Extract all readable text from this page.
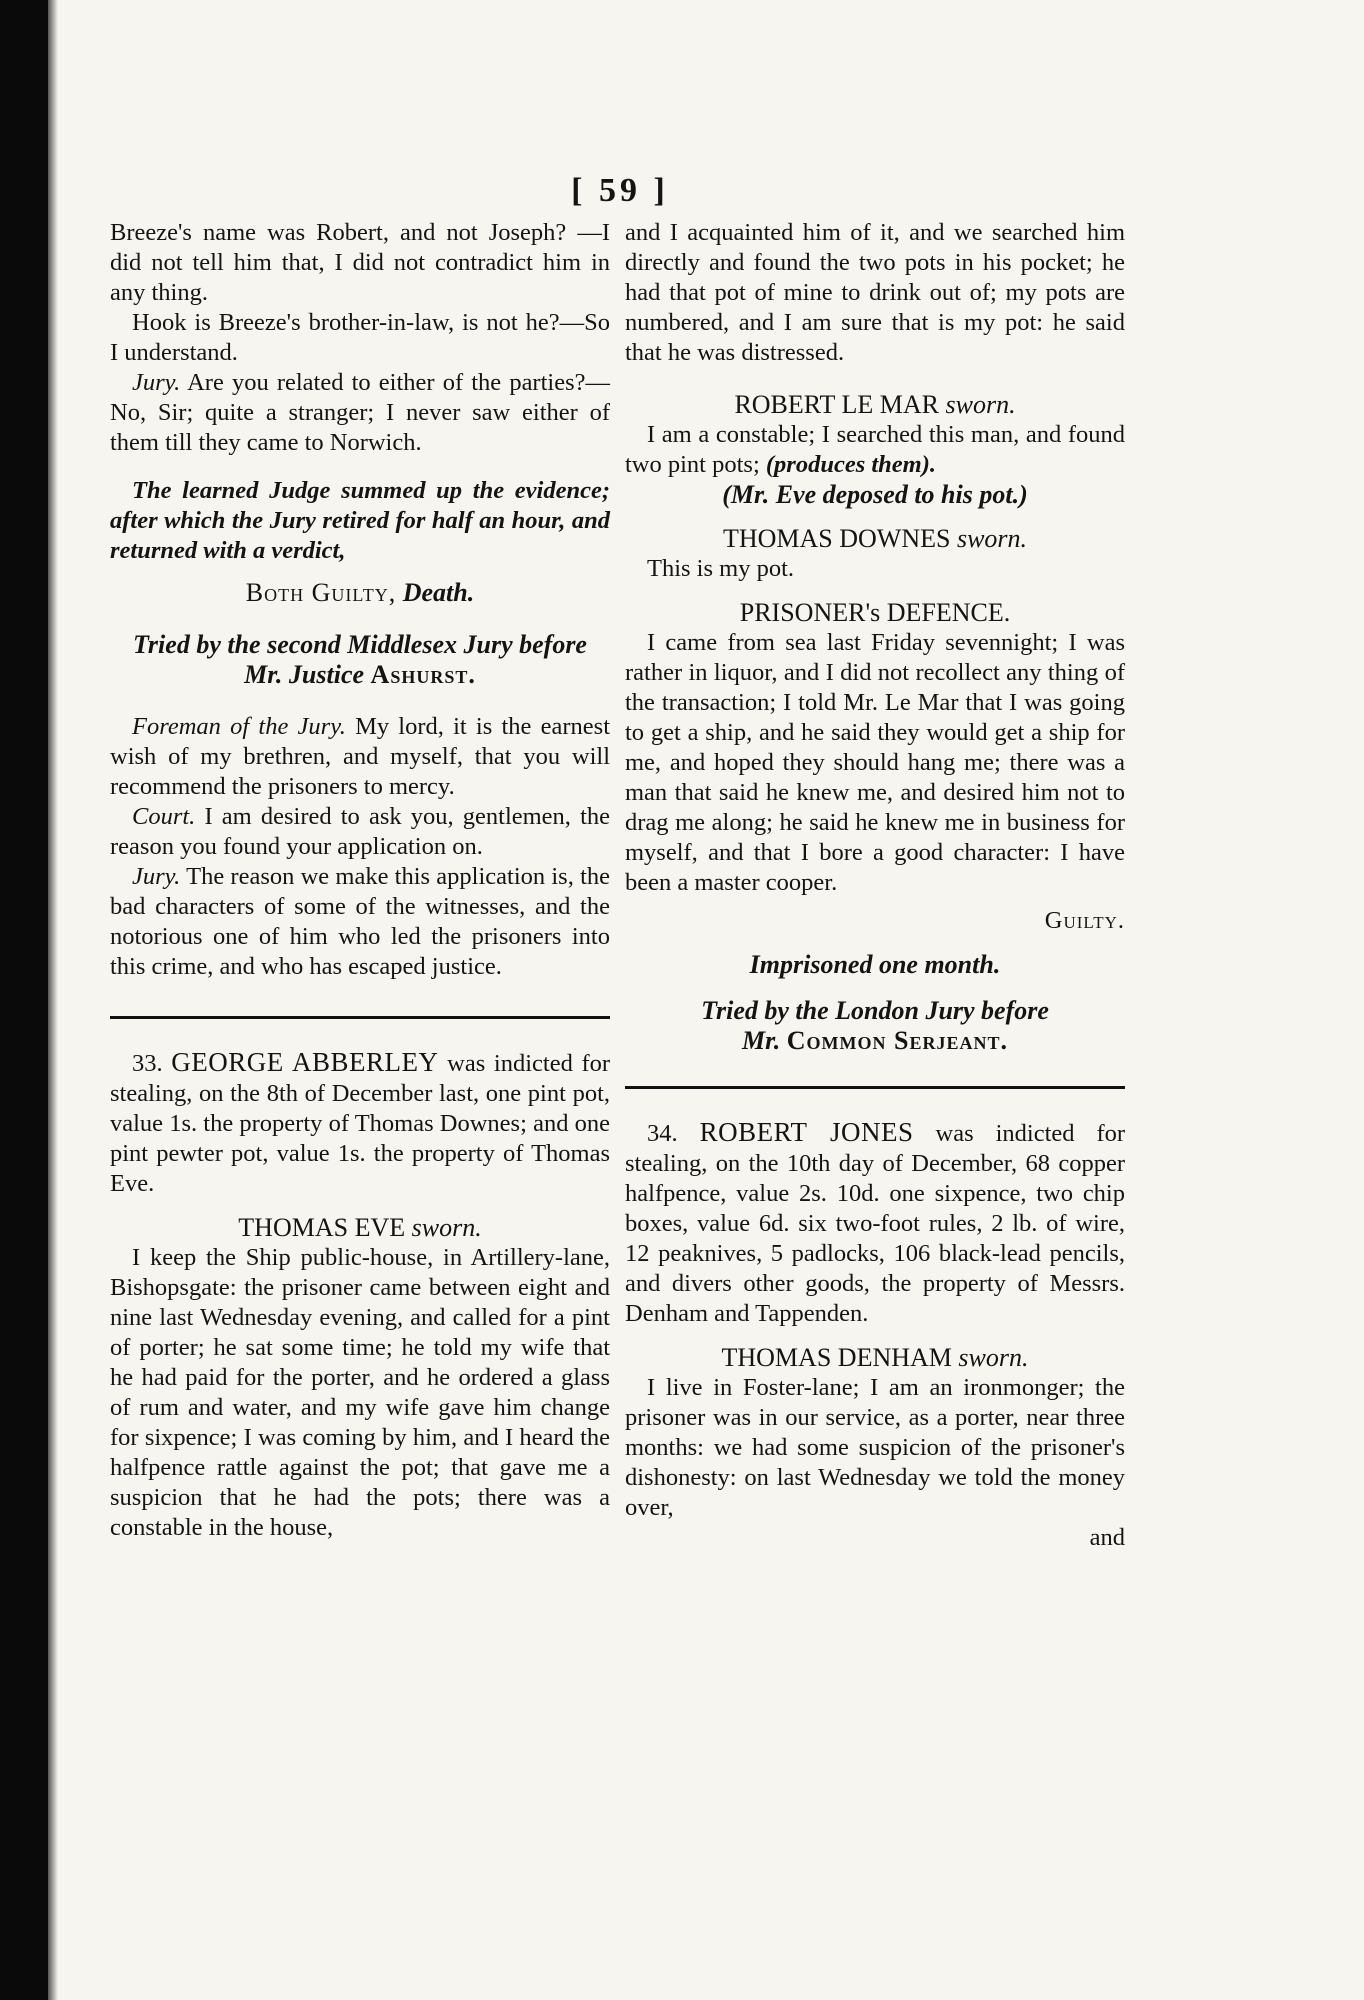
[ 59 ]

Breeze's name was Robert, and not Joseph? —I did not tell him that, I did not contradict him in any thing.

Hook is Breeze's brother-in-law, is not he?—So I understand.

Jury. Are you related to either of the parties?—No, Sir; quite a stranger; I never saw either of them till they came to Norwich.

The learned Judge summed up the evidence; after which the Jury retired for half an hour, and returned with a verdict,

Both Guilty, Death.

Tried by the second Middlesex Jury before
Mr. Justice Ashurst.

Foreman of the Jury. My lord, it is the earnest wish of my brethren, and myself, that you will recommend the prisoners to mercy.

Court. I am desired to ask you, gentlemen, the reason you found your application on.

Jury. The reason we make this application is, the bad characters of some of the witnesses, and the notorious one of him who led the prisoners into this crime, and who has escaped justice.

33. GEORGE ABBERLEY was indicted for stealing, on the 8th of December last, one pint pot, value 1s. the property of Thomas Downes; and one pint pewter pot, value 1s. the property of Thomas Eve.

THOMAS EVE sworn.

I keep the Ship public-house, in Artillery-lane, Bishopsgate: the prisoner came between eight and nine last Wednesday evening, and called for a pint of porter; he sat some time; he told my wife that he had paid for the porter, and he ordered a glass of rum and water, and my wife gave him change for sixpence; I was coming by him, and I heard the halfpence rattle against the pot; that gave me a suspicion that he had the pots; there was a constable in the house,

and I acquainted him of it, and we searched him directly and found the two pots in his pocket; he had that pot of mine to drink out of; my pots are numbered, and I am sure that is my pot: he said that he was distressed.

ROBERT LE MAR sworn.

I am a constable; I searched this man, and found two pint pots; (produces them).

(Mr. Eve deposed to his pot.)

THOMAS DOWNES sworn.

This is my pot.

PRISONER's DEFENCE.

I came from sea last Friday sevennight; I was rather in liquor, and I did not recollect any thing of the transaction; I told Mr. Le Mar that I was going to get a ship, and he said they would get a ship for me, and hoped they should hang me; there was a man that said he knew me, and desired him not to drag me along; he said he knew me in business for myself, and that I bore a good character: I have been a master cooper.

Guilty.

Imprisoned one month.

Tried by the London Jury before
Mr. Common Serjeant.

34. ROBERT JONES was indicted for stealing, on the 10th day of December, 68 copper halfpence, value 2s. 10d. one sixpence, two chip boxes, value 6d. six two-foot rules, 2 lb. of wire, 12 peaknives, 5 padlocks, 106 black-lead pencils, and divers other goods, the property of Messrs. Denham and Tappenden.

THOMAS DENHAM sworn.

I live in Foster-lane; I am an ironmonger; the prisoner was in our service, as a porter, near three months: we had some suspicion of the prisoner's dishonesty: on last Wednesday we told the money over,

and
